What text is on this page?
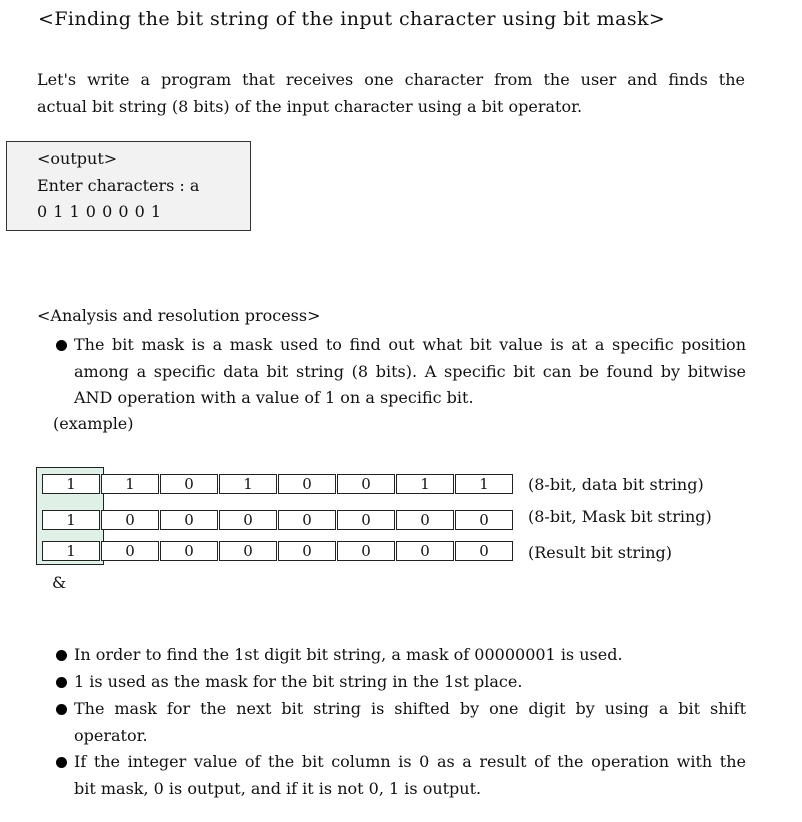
<Finding the bit string of the input character using bit mask>
Let's write a program that receives one character from the user and finds the
actual bit string (8 bits) of the input character using a bit operator.
<output>
Enter characters : a
0 1 1 0 0 0 0 1
<Analysis and resolution process>
The bit mask is a mask used to find out what bit value is at a specific position
among a specific data bit string (8 bits). A specific bit can be found by bitwise
AND operation with a value of 1 on a specific bit.
(example)
1	1	0	1	0	0	1	1	(8-bit, data bit string)
1	0	0	0	0	0	0	0	(8-bit, Mask bit string)
1	0	0	0	0	0	0	0	(Result bit string)
&
In order to find the 1st digit bit string, a mask of 00000001 is used.
1 is used as the mask for the bit string in the 1st place.
The mask for the next bit string is shifted by one digit by using a bit shift
operator.
If the integer value of the bit column is 0 as a result of the operation with the
bit mask, 0 is output, and if it is not 0, 1 is output.
